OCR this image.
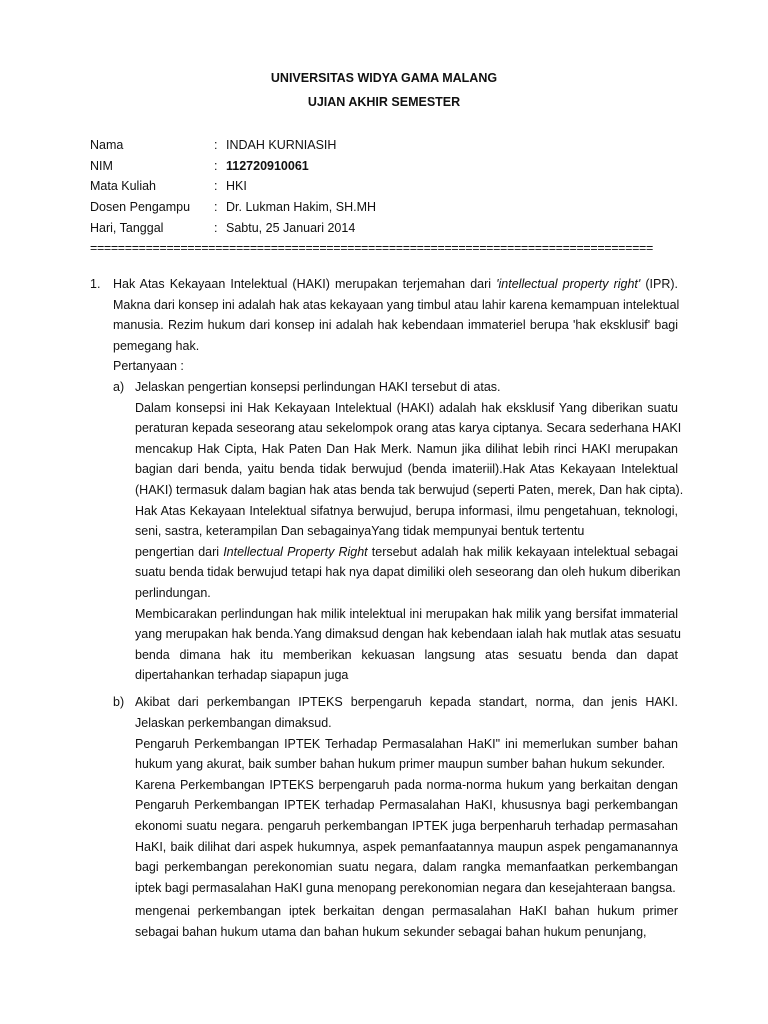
UNIVERSITAS WIDYA GAMA MALANG
UJIAN AKHIR SEMESTER
Nama	: INDAH KURNIASIH
NIM	: 112720910061
Mata Kuliah	: HKI
Dosen Pengampu : Dr. Lukman Hakim, SH.MH
Hari, Tanggal	: Sabtu, 25 Januari 2014
=================================================================================
1. Hak Atas Kekayaan Intelektual (HAKI) merupakan terjemahan dari 'intellectual property right' (IPR).
Makna dari konsep ini adalah hak atas kekayaan yang timbul atau lahir karena kemampuan intelektual
manusia. Rezim hukum dari konsep ini adalah hak kebendaan immateriel berupa 'hak eksklusif' bagi
pemegang hak.
Pertanyaan :
a) Jelaskan pengertian konsepsi perlindungan HAKI tersebut di atas.
Dalam konsepsi ini Hak Kekayaan Intelektual (HAKI) adalah hak eksklusif Yang diberikan suatu
peraturan kepada seseorang atau sekelompok orang atas karya ciptanya. Secara sederhana HAKI
mencakup Hak Cipta, Hak Paten Dan Hak Merk. Namun jika dilihat lebih rinci HAKI merupakan
bagian dari benda, yaitu benda tidak berwujud (benda imateriil).Hak Atas Kekayaan Intelektual
(HAKI) termasuk dalam bagian hak atas benda tak berwujud (seperti Paten, merek, Dan hak cipta).
Hak Atas Kekayaan Intelektual sifatnya berwujud, berupa informasi, ilmu pengetahuan, teknologi,
seni, sastra, keterampilan Dan sebagainyaYang tidak mempunyai bentuk tertentu
pengertian dari Intellectual Property Right tersebut adalah hak milik kekayaan intelektual sebagai
suatu benda tidak berwujud tetapi hak nya dapat dimiliki oleh seseorang dan oleh hukum diberikan
perlindungan.
Membicarakan perlindungan hak milik intelektual ini merupakan hak milik yang bersifat immaterial
yang merupakan hak benda.Yang dimaksud dengan hak kebendaan ialah hak mutlak atas sesuatu
benda dimana hak itu memberikan kekuasan langsung atas sesuatu benda dan dapat
dipertahankan terhadap siapapun juga
b) Akibat dari perkembangan IPTEKS berpengaruh kepada standart, norma, dan jenis HAKI.
Jelaskan perkembangan dimaksud.
Pengaruh Perkembangan IPTEK Terhadap Permasalahan HaKI" ini memerlukan sumber bahan
hukum yang akurat, baik sumber bahan hukum primer maupun sumber bahan hukum sekunder.
Karena Perkembangan IPTEKS berpengaruh pada norma-norma hukum yang berkaitan dengan
Pengaruh Perkembangan IPTEK terhadap Permasalahan HaKI, khususnya bagi perkembangan
ekonomi suatu negara. pengaruh perkembangan IPTEK juga berpenharuh terhadap permasahan
HaKI, baik dilihat dari aspek hukumnya, aspek pemanfaatannya maupun aspek pengamanannya
bagi perkembangan perekonomian suatu negara, dalam rangka memanfaatkan perkembangan
iptek bagi permasalahan HaKI guna menopang perekonomian negara dan kesejahteraan bangsa.
mengenai perkembangan iptek berkaitan dengan permasalahan HaKI bahan hukum primer
sebagai bahan hukum utama dan bahan hukum sekunder sebagai bahan hukum penunjang,
